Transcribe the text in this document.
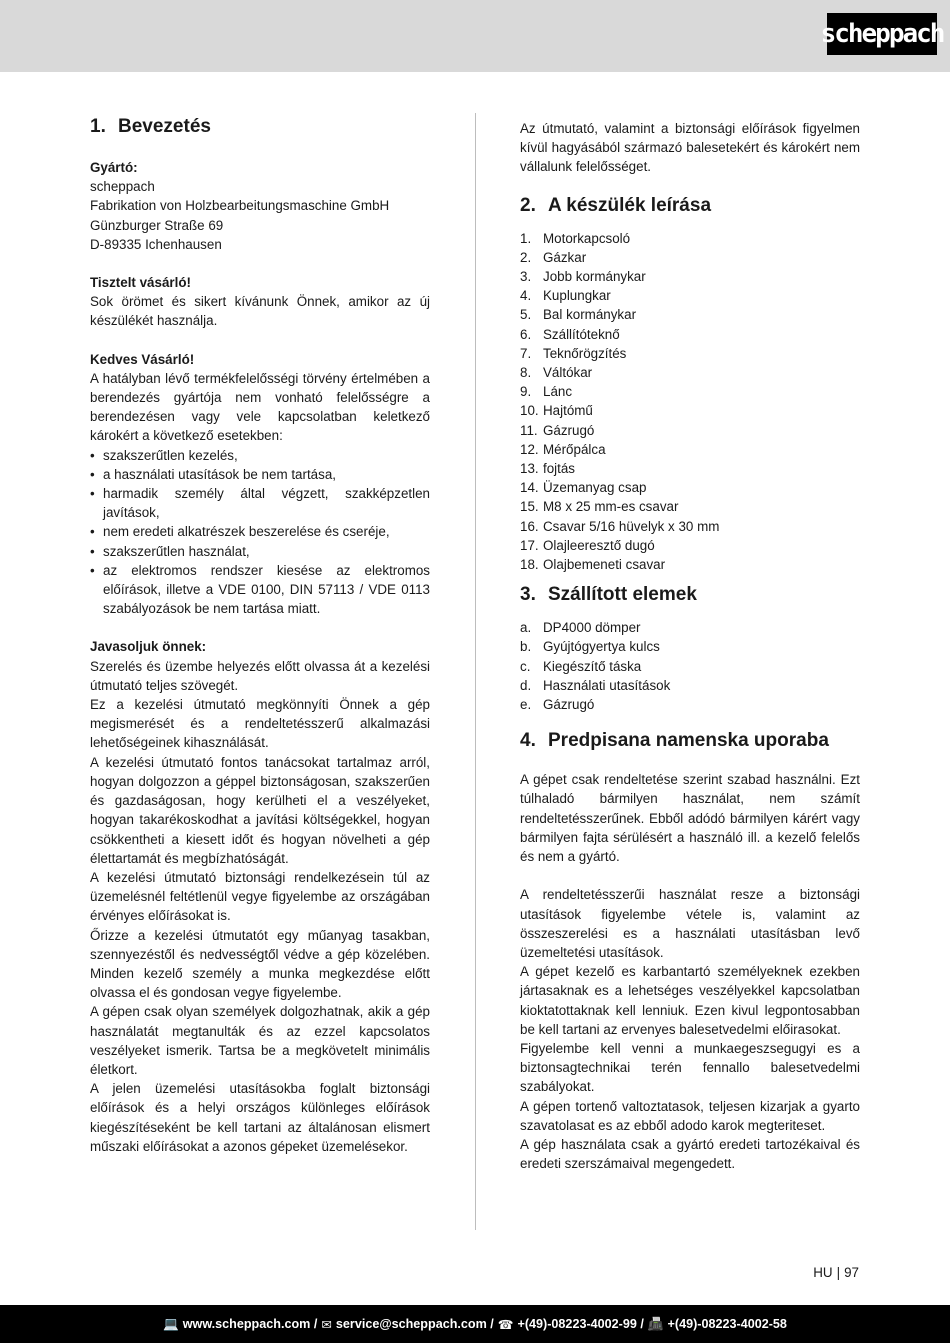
scheppach
1. Bevezetés

Gyártó:

scheppach

Fabrikation von Holzbearbeitungsmaschine GmbH

Günzburger Straße 69

D-89335 Ichenhausen

Tisztelt vásárló!

Sok örömet és sikert kívánunk Önnek, amikor az új készülékét használja.

Kedves Vásárló!

A hatályban lévő termékfelelősségi törvény értelmében a berendezés gyártója nem vonható felelősségre a berendezésen vagy vele kapcsolatban keletkező károkért a következő esetekben:

• szakszerűtlen kezelés,
• a használati utasítások be nem tartása,
• harmadik személy által végzett, szakképzetlen javítások,
• nem eredeti alkatrészek beszerelése és cseréje,
• szakszerűtlen használat,
• az elektromos rendszer kiesése az elektromos előírások, illetve a VDE 0100, DIN 57113 / VDE 0113 szabályozások be nem tartása miatt.

Javasoljuk önnek:

Szerelés és üzembe helyezés előtt olvassa át a kezelési útmutató teljes szövegét.

Ez a kezelési útmutató megkönnyíti Önnek a gép megismerését és a rendeltetésszerű alkalmazási lehetőségeinek kihasználását.

A kezelési útmutató fontos tanácsokat tartalmaz arról, hogyan dolgozzon a géppel biztonságosan, szakszerűen és gazdaságosan, hogy kerülheti el a veszélyeket, hogyan takarékoskodhat a javítási költségekkel, hogyan csökkentheti a kiesett időt és hogyan növelheti a gép élettartamát és megbízhatóságát.

A kezelési útmutató biztonsági rendelkezésein túl az üzemelésnél feltétlenül vegye figyelembe az országában érvényes előírásokat is.

Őrizze a kezelési útmutatót egy műanyag tasakban, szennyezéstől és nedvességtől védve a gép közelében. Minden kezelő személy a munka megkezdése előtt olvassa el és gondosan vegye figyelembe.

A gépen csak olyan személyek dolgozhatnak, akik a gép használatát megtanulták és az ezzel kapcsolatos veszélyeket ismerik. Tartsa be a megkövetelt minimális életkort.

A jelen üzemelési utasításokba foglalt biztonsági előírások és a helyi országos különleges előírások kiegészítéseként be kell tartani az általánosan elismert műszaki előírásokat a azonos gépeket üzemelésekor.

Az útmutató, valamint a biztonsági előírások figyelmen kívül hagyásából származó balesetekért és károkért nem vállalunk felelősséget.

2. A készülék leírása
1. Motorkapcsoló
2. Gázkar
3. Jobb kormánykar
4. Kuplungkar
5. Bal kormánykar
6. Szállítóteknő
7. Teknőrögzítés
8. Váltókar
9. Lánc
10. Hajtómű
11. Gázrugó
12. Mérőpálca
13. fojtás
14. Üzemanyag csap
15. M8 x 25 mm-es csavar
16. Csavar 5/16 hüvelyk x 30 mm
17. Olajleeresztő dugó
18. Olajbemeneti csavar
3. Szállított elemek
a. DP4000 dömper
b. Gyújtógyertya kulcs
c. Kiegészítő táska
d. Használati utasítások
e. Gázrugó
4. Predpisana namenska uporaba

A gépet csak rendeltetése szerint szabad használni. Ezt túlhaladó bármilyen használat, nem számít rendeltetésszerűnek. Ebből adódó bármilyen kárért vagy bármilyen fajta sérülésért a használó ill. a kezelő felelős és nem a gyártó.

A rendeltetésszerűi használat resze a biztonsági utasítások figyelembe vétele is, valamint az összeszerelési es a használati utasításban levő üzemeltetési utasítások.

A gépet kezelő es karbantartó személyeknek ezekben jártasaknak es a lehetséges veszélyekkel kapcsolatban kioktatottaknak kell lenniuk. Ezen kivul legpontosabban be kell tartani az ervenyes balesetvedelmi előirasokat.

Figyelembe kell venni a munkaegeszsegugyi es a biztonsagtechnikai terén fennallo balesetvedelmi szabályokat.

A gépen tortenő valtoztatasok, teljesen kizarjak a gyarto szavatolasat es az ebből adodo karok megteriteset.

A gép használata csak a gyártó eredeti tartozékaival és eredeti szerszámaival megengedett.

HU | 97
💻 www.scheppach.com / ✉ service@scheppach.com / ☎ +(49)-08223-4002-99 / 📠 +(49)-08223-4002-58
